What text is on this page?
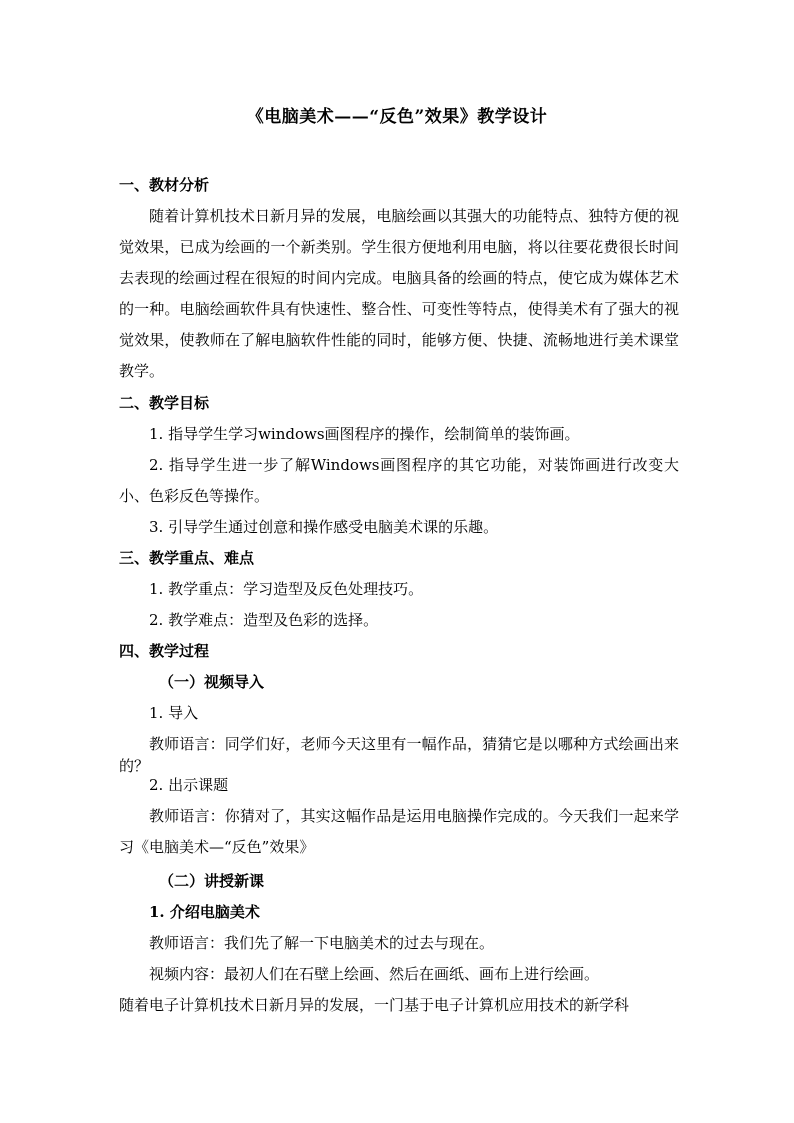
《电脑美术——“反色”效果》教学设计

一、教材分析

随着计算机技术日新月异的发展，电脑绘画以其强大的功能特点、独特方便的视觉效果，已成为绘画的一个新类别。学生很方便地利用电脑，将以往要花费很长时间去表现的绘画过程在很短的时间内完成。电脑具备的绘画的特点，使它成为媒体艺术的一种。电脑绘画软件具有快速性、整合性、可变性等特点，使得美术有了强大的视觉效果，使教师在了解电脑软件性能的同时，能够方便、快捷、流畅地进行美术课堂教学。

二、教学目标

1. 指导学生学习windows画图程序的操作，绘制简单的装饰画。

2. 指导学生进一步了解Windows画图程序的其它功能，对装饰画进行改变大小、色彩反色等操作。

3. 引导学生通过创意和操作感受电脑美术课的乐趣。

三、教学重点、难点

1. 教学重点：学习造型及反色处理技巧。

2. 教学难点：造型及色彩的选择。

四、教学过程

（一）视频导入

1. 导入

教师语言：同学们好，老师今天这里有一幅作品，猜猜它是以哪种方式绘画出来的？

2. 出示课题

教师语言：你猜对了，其实这幅作品是运用电脑操作完成的。今天我们一起来学习《电脑美术—“反色”效果》

（二）讲授新课

1. 介绍电脑美术

教师语言：我们先了解一下电脑美术的过去与现在。

视频内容：最初人们在石壁上绘画、然后在画纸、画布上进行绘画。

随着电子计算机技术日新月异的发展，一门基于电子计算机应用技术的新学科
